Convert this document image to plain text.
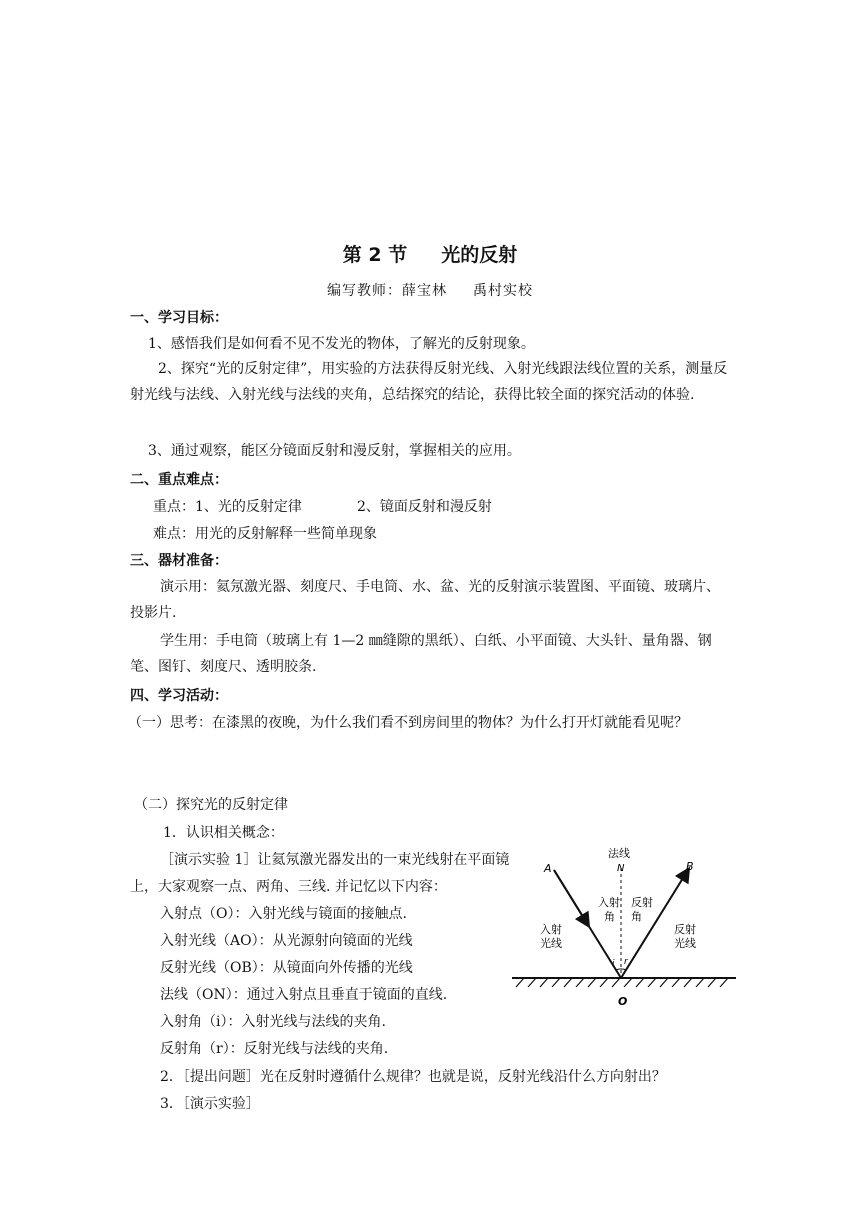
第 2 节 光的反射
编写教师：薛宝林 禹村实校
一、学习目标：
1、感悟我们是如何看不见不发光的物体，了解光的反射现象。
2、探究“光的反射定律”，用实验的方法获得反射光线、入射光线跟法线位置的关系，测量反射光线与法线、入射光线与法线的夹角，总结探究的结论，获得比较全面的探究活动的体验.
3、通过观察，能区分镜面反射和漫反射，掌握相关的应用。
二、重点难点：
重点：1、光的反射定律	2、镜面反射和漫反射
难点：用光的反射解释一些简单现象
三、器材准备：
演示用：氦氖激光器、刻度尺、手电筒、水、盆、光的反射演示装置图、平面镜、玻璃片、投影片.
学生用：手电筒（玻璃上有 1—2 ㎜缝隙的黑纸）、白纸、小平面镜、大头针、量角器、钢笔、图钉、刻度尺、透明胶条.
四、学习活动：
（一）思考：在漆黑的夜晚，为什么我们看不到房间里的物体？为什么打开灯就能看见呢？
（二）探究光的反射定律
1．认识相关概念：
［演示实验 1］让氦氖激光器发出的一束光线射在平面镜
上，大家观察一点、两角、三线. 并记忆以下内容：
入射点（O）：入射光线与镜面的接触点.
入射光线（AO）：从光源射向镜面的光线
反射光线（OB）：从镜面向外传播的光线
法线（ON）：通过入射点且垂直于镜面的直线.
入射角（i）：入射光线与法线的夹角.
反射角（r）：反射光线与法线的夹角.
2．［提出问题］光在反射时遵循什么规律？也就是说，反射光线沿什么方向射出？
3．［演示实验］
法线
N
A	B
O
入射
角
反射
角
入射
光线
反射
光线
i r
